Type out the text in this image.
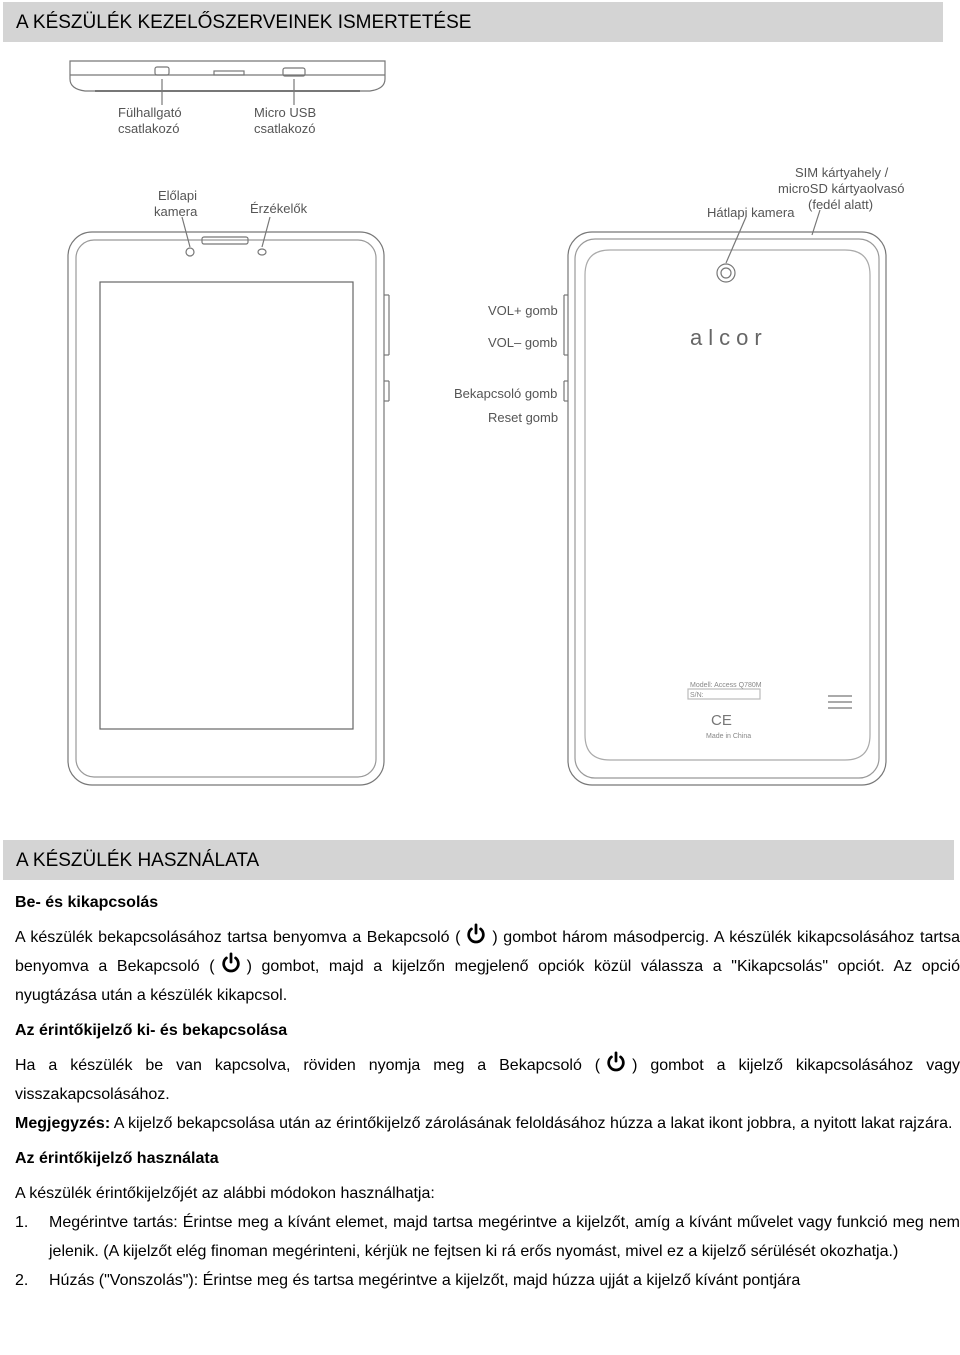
A KÉSZÜLÉK KEZELŐSZERVEINEK ISMERTETÉSE
Fülhallgató
csatlakozó
Micro USB
csatlakozó
Előlapi
kamera	Érzékelők
SIM kártyahely /
microSD kártyaolvasó
(fedél alatt)
Hátlapi kamera
VOL+ gomb
VOL– gomb
Bekapcsoló gomb
Reset gomb
alcor
Modell: Access Q780M
S/N:
CE
Made in China
A KÉSZÜLÉK HASZNÁLATA

Be- és kikapcsolás

A készülék bekapcsolásához tartsa benyomva a Bekapcsoló ( ) gombot három másodpercig. A készülék kikapcsolásához tartsa benyomva a Bekapcsoló ( ) gombot, majd a kijelzőn megjelenő opciók közül válassza a "Kikapcsolás" opciót. Az opció nyugtázása után a készülék kikapcsol.

Az érintőkijelző ki- és bekapcsolása

Ha a készülék be van kapcsolva, röviden nyomja meg a Bekapcsoló ( ) gombot a kijelző kikapcsolásához vagy visszakapcsolásához.

Megjegyzés: A kijelző bekapcsolása után az érintőkijelző zárolásának feloldásához húzza a lakat ikont jobbra, a nyitott lakat rajzára.

Az érintőkijelző használata

A készülék érintőkijelzőjét az alábbi módokon használhatja:

1.	Megérintve tartás: Érintse meg a kívánt elemet, majd tartsa megérintve a kijelzőt, amíg a kívánt művelet vagy funkció meg nem jelenik. (A kijelzőt elég finoman megérinteni, kérjük ne fejtsen ki rá erős nyomást, mivel ez a kijelző sérülését okozhatja.)
2.	Húzás ("Vonszolás"): Érintse meg és tartsa megérintve a kijelzőt, majd húzza ujját a kijelző kívánt pontjára
